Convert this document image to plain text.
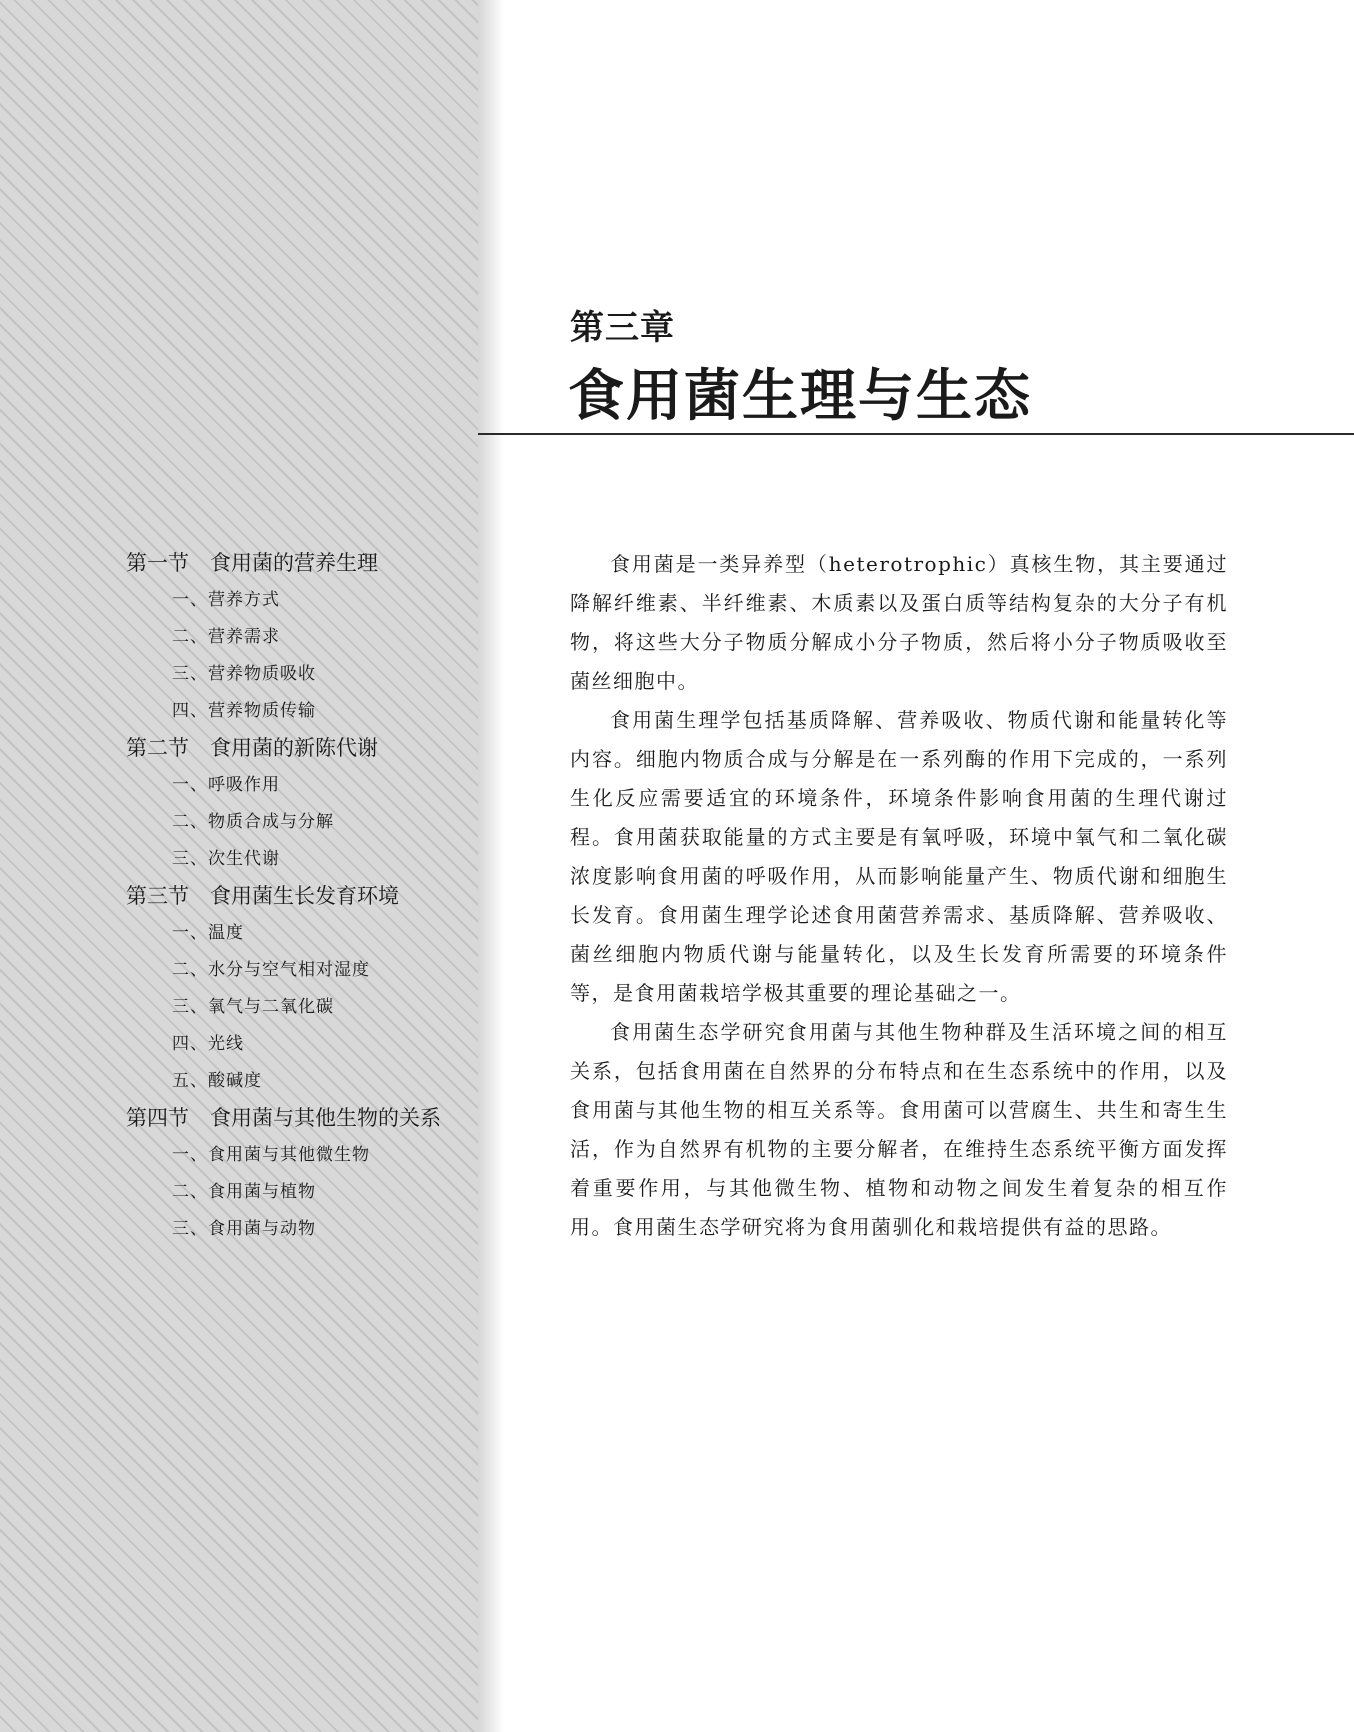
第三章
食用菌生理与生态
第一节　食用菌的营养生理
一、营养方式
二、营养需求
三、营养物质吸收
四、营养物质传输
第二节　食用菌的新陈代谢
一、呼吸作用
二、物质合成与分解
三、次生代谢
第三节　食用菌生长发育环境
一、温度
二、水分与空气相对湿度
三、氧气与二氧化碳
四、光线
五、酸碱度
第四节　食用菌与其他生物的关系
一、食用菌与其他微生物
二、食用菌与植物
三、食用菌与动物

食用菌是一类异养型（heterotrophic）真核生物，其主要通过降解纤维素、半纤维素、木质素以及蛋白质等结构复杂的大分子有机物，将这些大分子物质分解成小分子物质，然后将小分子物质吸收至菌丝细胞中。

食用菌生理学包括基质降解、营养吸收、物质代谢和能量转化等内容。细胞内物质合成与分解是在一系列酶的作用下完成的，一系列生化反应需要适宜的环境条件，环境条件影响食用菌的生理代谢过程。食用菌获取能量的方式主要是有氧呼吸，环境中氧气和二氧化碳浓度影响食用菌的呼吸作用，从而影响能量产生、物质代谢和细胞生长发育。食用菌生理学论述食用菌营养需求、基质降解、营养吸收、菌丝细胞内物质代谢与能量转化，以及生长发育所需要的环境条件等，是食用菌栽培学极其重要的理论基础之一。

食用菌生态学研究食用菌与其他生物种群及生活环境之间的相互关系，包括食用菌在自然界的分布特点和在生态系统中的作用，以及食用菌与其他生物的相互关系等。食用菌可以营腐生、共生和寄生生活，作为自然界有机物的主要分解者，在维持生态系统平衡方面发挥着重要作用，与其他微生物、植物和动物之间发生着复杂的相互作用。食用菌生态学研究将为食用菌驯化和栽培提供有益的思路。
